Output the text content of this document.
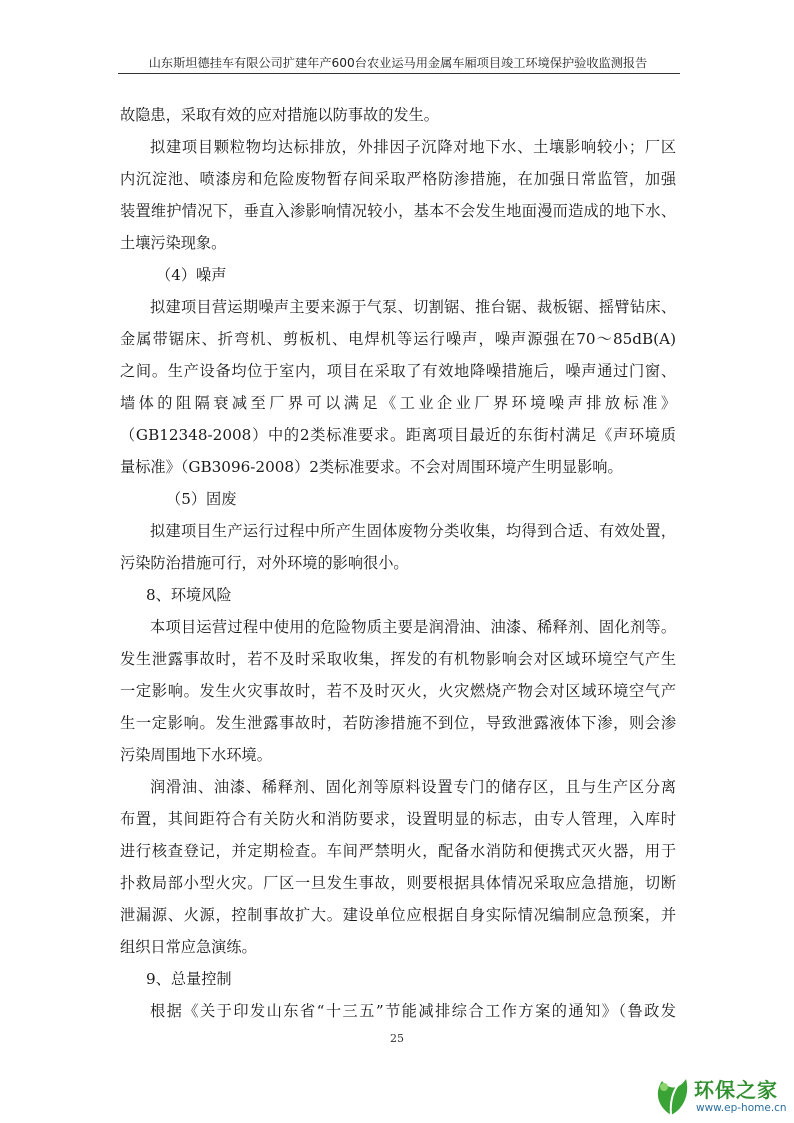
山东斯坦德挂车有限公司扩建年产600台农业运马用金属车厢项目竣工环境保护验收监测报告
故隐患，采取有效的应对措施以防事故的发生。
拟建项目颗粒物均达标排放，外排因子沉降对地下水、土壤影响较小；厂区
内沉淀池、喷漆房和危险废物暂存间采取严格防渗措施，在加强日常监管，加强
装置维护情况下，垂直入渗影响情况较小，基本不会发生地面漫而造成的地下水、
土壤污染现象。
（4）噪声
拟建项目营运期噪声主要来源于气泵、切割锯、推台锯、裁板锯、摇臂钻床、
金属带锯床、折弯机、剪板机、电焊机等运行噪声，噪声源强在70～85dB(A)
之间。生产设备均位于室内，项目在采取了有效地降噪措施后，噪声通过门窗、
墙体的阻隔衰减至厂界可以满足《工业企业厂界环境噪声排放标准》
（GB12348-2008）中的2类标准要求。距离项目最近的东街村满足《声环境质
量标准》（GB3096-2008）2类标准要求。不会对周围环境产生明显影响。
（5）固废
拟建项目生产运行过程中所产生固体废物分类收集，均得到合适、有效处置，
污染防治措施可行，对外环境的影响很小。
8、环境风险
本项目运营过程中使用的危险物质主要是润滑油、油漆、稀释剂、固化剂等。
发生泄露事故时，若不及时采取收集，挥发的有机物影响会对区域环境空气产生
一定影响。发生火灾事故时，若不及时灭火，火灾燃烧产物会对区域环境空气产
生一定影响。发生泄露事故时，若防渗措施不到位，导致泄露液体下渗，则会渗
污染周围地下水环境。
润滑油、油漆、稀释剂、固化剂等原料设置专门的储存区，且与生产区分离
布置，其间距符合有关防火和消防要求，设置明显的标志，由专人管理，入库时
进行核查登记，并定期检查。车间严禁明火，配备水消防和便携式灭火器，用于
扑救局部小型火灾。厂区一旦发生事故，则要根据具体情况采取应急措施，切断
泄漏源、火源，控制事故扩大。建设单位应根据自身实际情况编制应急预案，并
组织日常应急演练。
9、总量控制
根据《关于印发山东省“十三五”节能减排综合工作方案的通知》（鲁政发
25
环保之家
www.ep-home.cn
